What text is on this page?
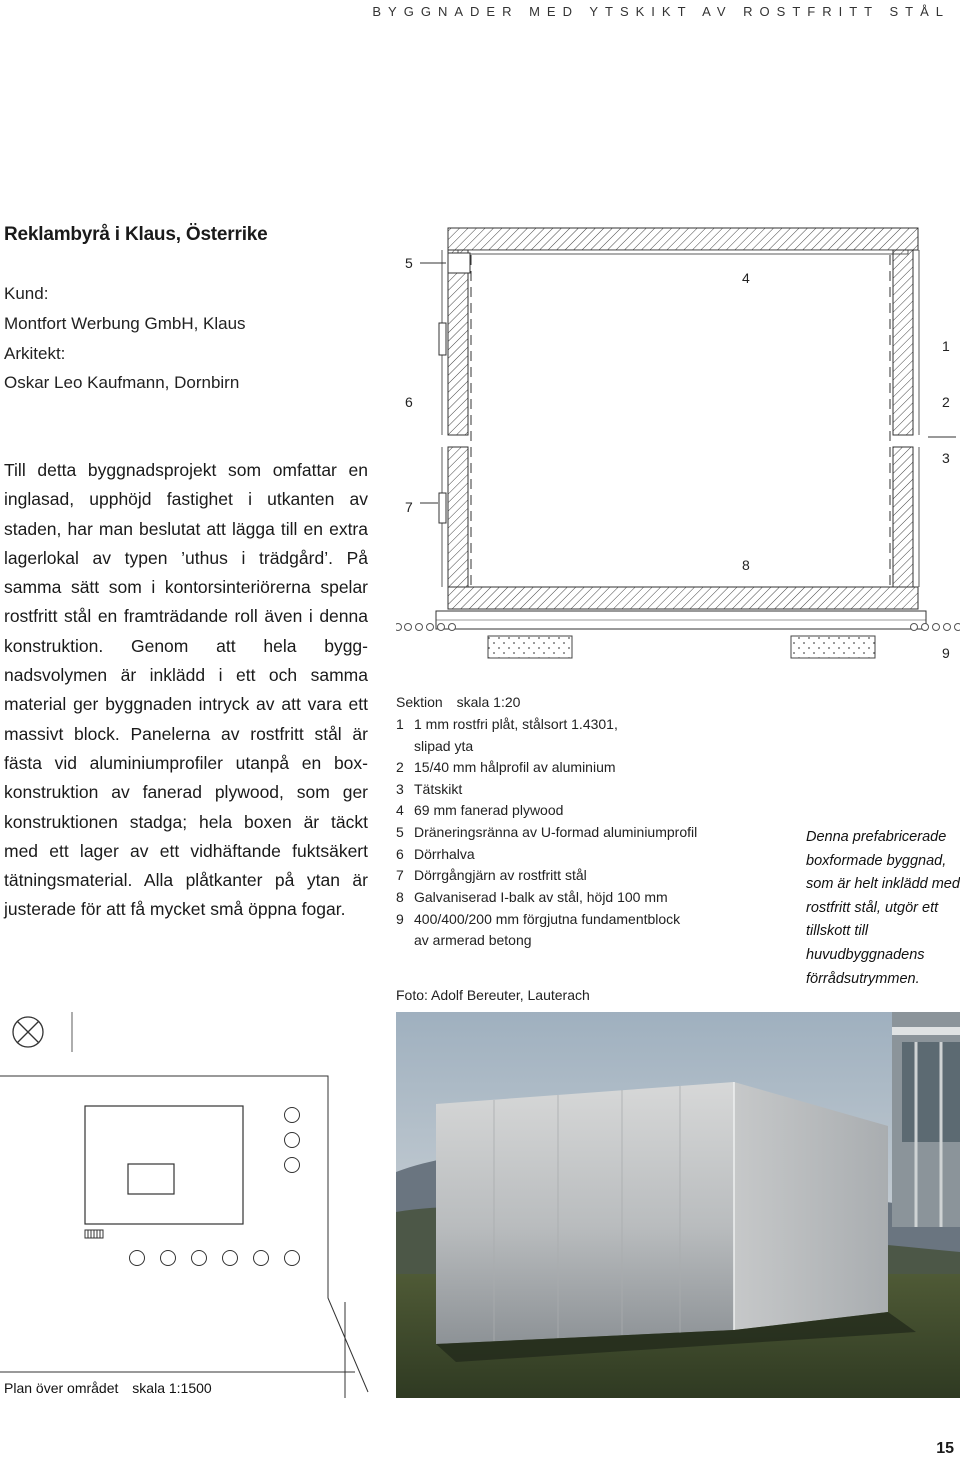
BYGGNADER MED YTSKIKT AV ROSTFRITT STÅL
Reklambyrå i Klaus, Österrike
Kund:
Montfort Werbung GmbH, Klaus
Arkitekt:
Oskar Leo Kaufmann, Dornbirn
Till detta byggnadsprojekt som omfattar en inglasad, upphöjd fastighet i utkanten av staden, har man beslutat att lägga till en extra lagerlokal av typen ’uthus i trädgård’. På samma sätt som i kontorsinteriörerna spelar rostfritt stål en framträdande roll även i denna konstruktion. Genom att hela byggnadsvolymen är inklädd i ett och samma material ger byggnaden intryck av att vara ett massivt block. Panelerna av rostfritt stål är fästa vid aluminiumprofiler utanpå en boxkonstruktion av fanerad plywood, som ger konstruktionen stadga; hela boxen är täckt med ett lager av ett vidhäftande fuktsäkert tätningsmaterial. Alla plåtkanter på ytan är justerade för att få mycket små öppna fogar.
5
4
1
6	2
3
7
8
9
Sektion skala 1:20
1 1 mm rostfri plåt, stålsort 1.4301,
slipad yta
2 15/40 mm hålprofil av aluminium
3 Tätskikt
4 69 mm fanerad plywood
5 Dräneringsränna av U-formad aluminiumprofil
6 Dörrhalva
7 Dörrgångjärn av rostfritt stål
8 Galvaniserad I-balk av stål, höjd 100 mm
9 400/400/200 mm förgjutna fundamentblock
av armerad betong
Foto: Adolf Bereuter, Lauterach
Denna prefabricerade boxformade byggnad, som är helt inklädd med rostfritt stål, utgör ett tillskott till huvudbyggnadens förrådsutrymmen.
Plan över området skala 1:1500
15
